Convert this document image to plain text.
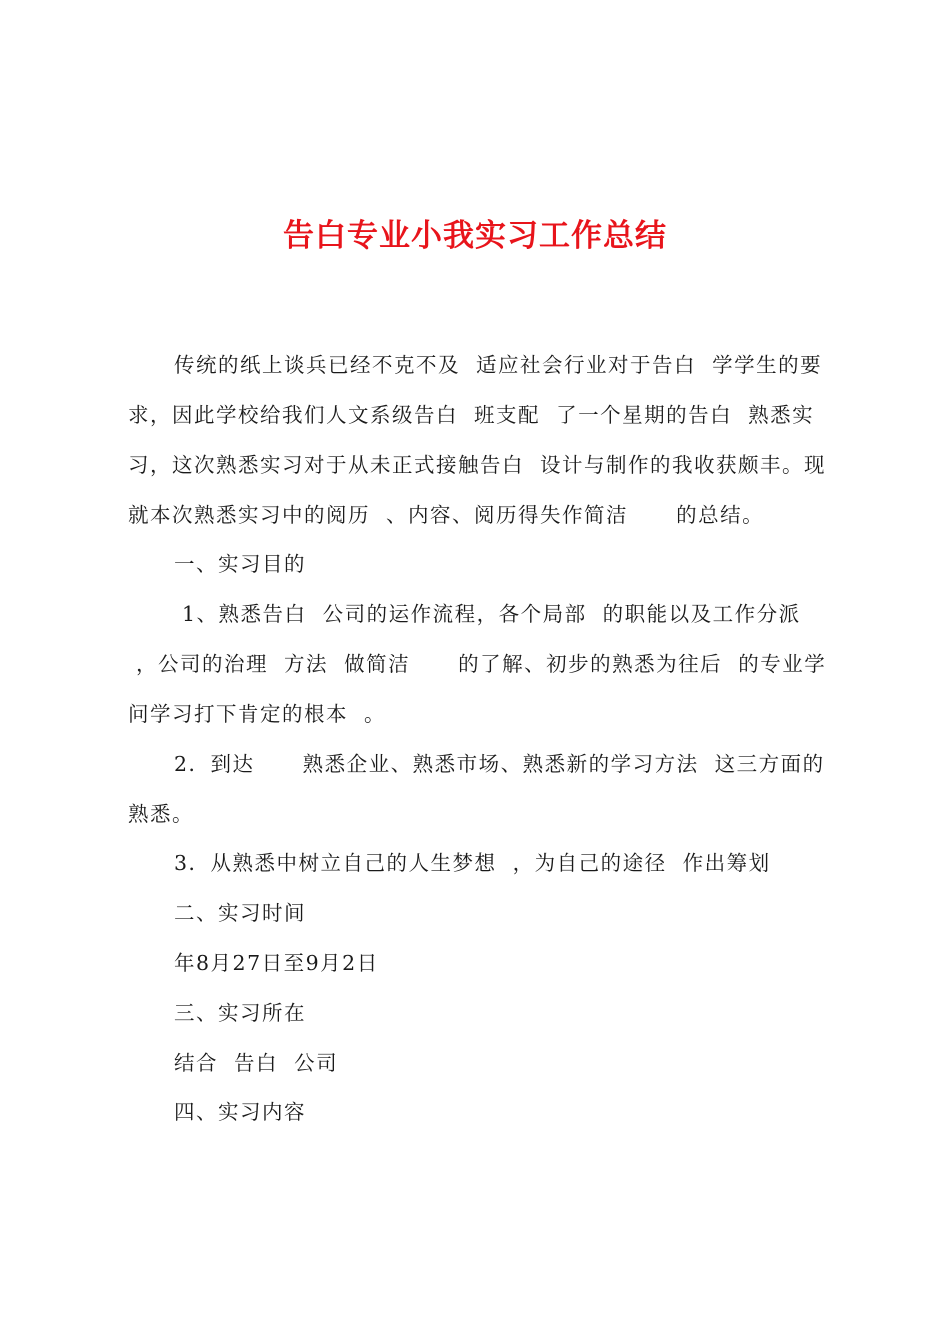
告白专业小我实习工作总结
传统的纸上谈兵已经不克不及  适应社会行业对于告白  学学生的要
求，因此学校给我们人文系级告白  班支配  了一个星期的告白  熟悉实
习，这次熟悉实习对于从未正式接触告白  设计与制作的我收获颇丰。现
就本次熟悉实习中的阅历  、内容、阅历得失作简洁      的总结。
一、实习目的
1、熟悉告白  公司的运作流程，各个局部  的职能以及工作分派
，公司的治理  方法  做简洁      的了解、初步的熟悉为往后  的专业学
问学习打下肯定的根本  。
2．到达      熟悉企业、熟悉市场、熟悉新的学习方法  这三方面的
熟悉。
3．从熟悉中树立自己的人生梦想  ，为自己的途径  作出筹划
二、实习时间
年8月27日至9月2日
三、实习所在
结合  告白  公司
四、实习内容
